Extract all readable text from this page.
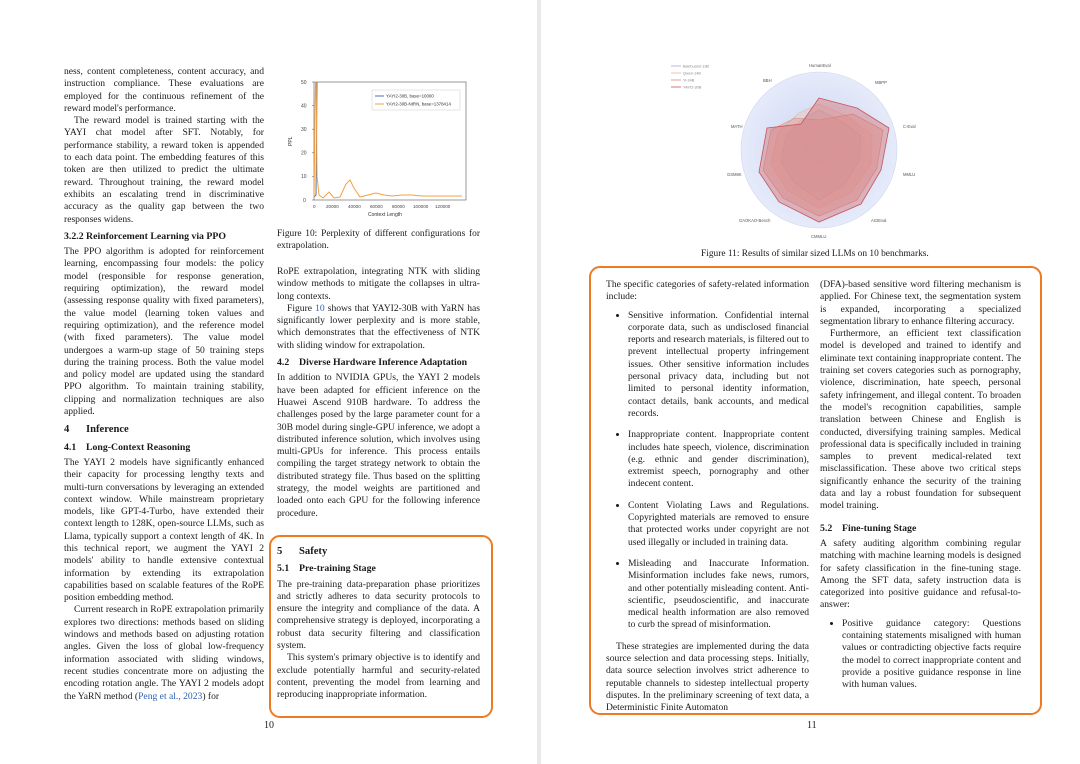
ness, content completeness, content accuracy, and instruction compliance. These evaluations are employed for the continuous refinement of the reward model's performance.

The reward model is trained starting with the YAYI chat model after SFT. Notably, for performance stability, a reward token is appended to each data point. The embedding features of this token are then utilized to predict the ultimate reward. Throughout training, the reward model exhibits an escalating trend in discriminative accuracy as the quality gap between the two responses widens.

3.2.2 Reinforcement Learning via PPO

The PPO algorithm is adopted for reinforcement learning, encompassing four models: the policy model (responsible for response generation, requiring optimization), the reward model (assessing response quality with fixed parameters), the value model (learning token values and requiring optimization), and the reference model (with fixed parameters). The value model undergoes a warm-up stage of 50 training steps during the training process. Both the value model and policy model are updated using the standard PPO algorithm. To maintain training stability, clipping and normalization techniques are also applied.

4 Inference
4.1 Long-Context Reasoning

The YAYI 2 models have significantly enhanced their capacity for processing lengthy texts and multi-turn conversations by leveraging an extended context window. While mainstream proprietary models, like GPT-4-Turbo, have extended their context length to 128K, open-source LLMs, such as Llama, typically support a context length of 4K. In this technical report, we augment the YAYI 2 models' ability to handle extensive contextual information by extending its extrapolation capabilities based on scalable features of the RoPE position embedding method.

Current research in RoPE extrapolation primarily explores two directions: methods based on sliding windows and methods based on adjusting rotation angles. Given the loss of global low-frequency information associated with sliding windows, recent studies concentrate more on adjusting the encoding rotation angle. The YAYI 2 models adopt the YaRN method (Peng et al., 2023) for

0
10
20
30
40
50
0 20000 40000 60000 80000 100000 120000
Context Length
PPL
YAYI2-30B, base=10000
YAYI2-30B-NtRN, base=1378414
Figure 10: Perplexity of different configurations for extrapolation.

RoPE extrapolation, integrating NTK with sliding window methods to mitigate the collapses in ultra-long contexts.

Figure 10 shows that YAYI2-30B with YaRN has significantly lower perplexity and is more stable, which demonstrates that the effectiveness of NTK with sliding window for extrapolation.

4.2 Diverse Hardware Inference Adaptation

In addition to NVIDIA GPUs, the YAYI 2 models have been adapted for efficient inference on the Huawei Ascend 910B hardware. To address the challenges posed by the large parameter count for a 30B model during single-GPU inference, we adopt a distributed inference solution, which involves using multi-GPUs for inference. This process entails compiling the target strategy network to obtain the distributed strategy file. Thus based on the splitting strategy, the model weights are partitioned and loaded onto each GPU for the following inference procedure.

5 Safety
5.1 Pre-training Stage

The pre-training data-preparation phase prioritizes and strictly adheres to data security protocols to ensure the integrity and compliance of the data. A comprehensive strategy is deployed, incorporating a robust data security filtering and classification system.

This system's primary objective is to identify and exclude potentially harmful and security-related content, preventing the model from learning and reproducing inappropriate information.

10
HumanEval
MBPP
C-Eval
MMLU
AGIEval
CMMLU
GAOKAO-Bench
GSM8K
MATH
BBH
Baichuan2-13B
Qwen-14B
Yi-34B
YAYI2-30B
Figure 11: Results of similar sized LLMs on 10 benchmarks.

The specific categories of safety-related information include:

• Sensitive information. Confidential internal corporate data, such as undisclosed financial reports and research materials, is filtered out to prevent intellectual property infringement issues. Other sensitive information includes personal privacy data, including but not limited to personal identity information, contact details, bank accounts, and medical records.
• Inappropriate content. Inappropriate content includes hate speech, violence, discrimination (e.g. ethnic and gender discrimination), extremist speech, pornography and other indecent content.
• Content Violating Laws and Regulations. Copyrighted materials are removed to ensure that protected works under copyright are not used illegally or included in training data.
• Misleading and Inaccurate Information. Misinformation includes fake news, rumors, and other potentially misleading content. Anti-scientific, pseudoscientific, and inaccurate medical health information are also removed to curb the spread of misinformation.

These strategies are implemented during the data source selection and data processing steps. Initially, data source selection involves strict adherence to reputable channels to sidestep intellectual property disputes. In the preliminary screening of text data, a Deterministic Finite Automaton

(DFA)-based sensitive word filtering mechanism is applied. For Chinese text, the segmentation system is expanded, incorporating a specialized segmentation library to enhance filtering accuracy.

Furthermore, an efficient text classification model is developed and trained to identify and eliminate text containing inappropriate content. The training set covers categories such as pornography, violence, discrimination, hate speech, personal safety infringement, and illegal content. To broaden the model's recognition capabilities, sample translation between Chinese and English is conducted, diversifying training samples. Medical professional data is specifically included in training samples to prevent medical-related text misclassification. These above two critical steps significantly enhance the security of the training data and lay a robust foundation for subsequent model training.

5.2 Fine-tuning Stage

A safety auditing algorithm combining regular matching with machine learning models is designed for safety classification in the fine-tuning stage. Among the SFT data, safety instruction data is categorized into positive guidance and refusal-to-answer:

• Positive guidance category: Questions containing statements misaligned with human values or contradicting objective facts require the model to correct inappropriate content and provide a positive guidance response in line with human values.
11
